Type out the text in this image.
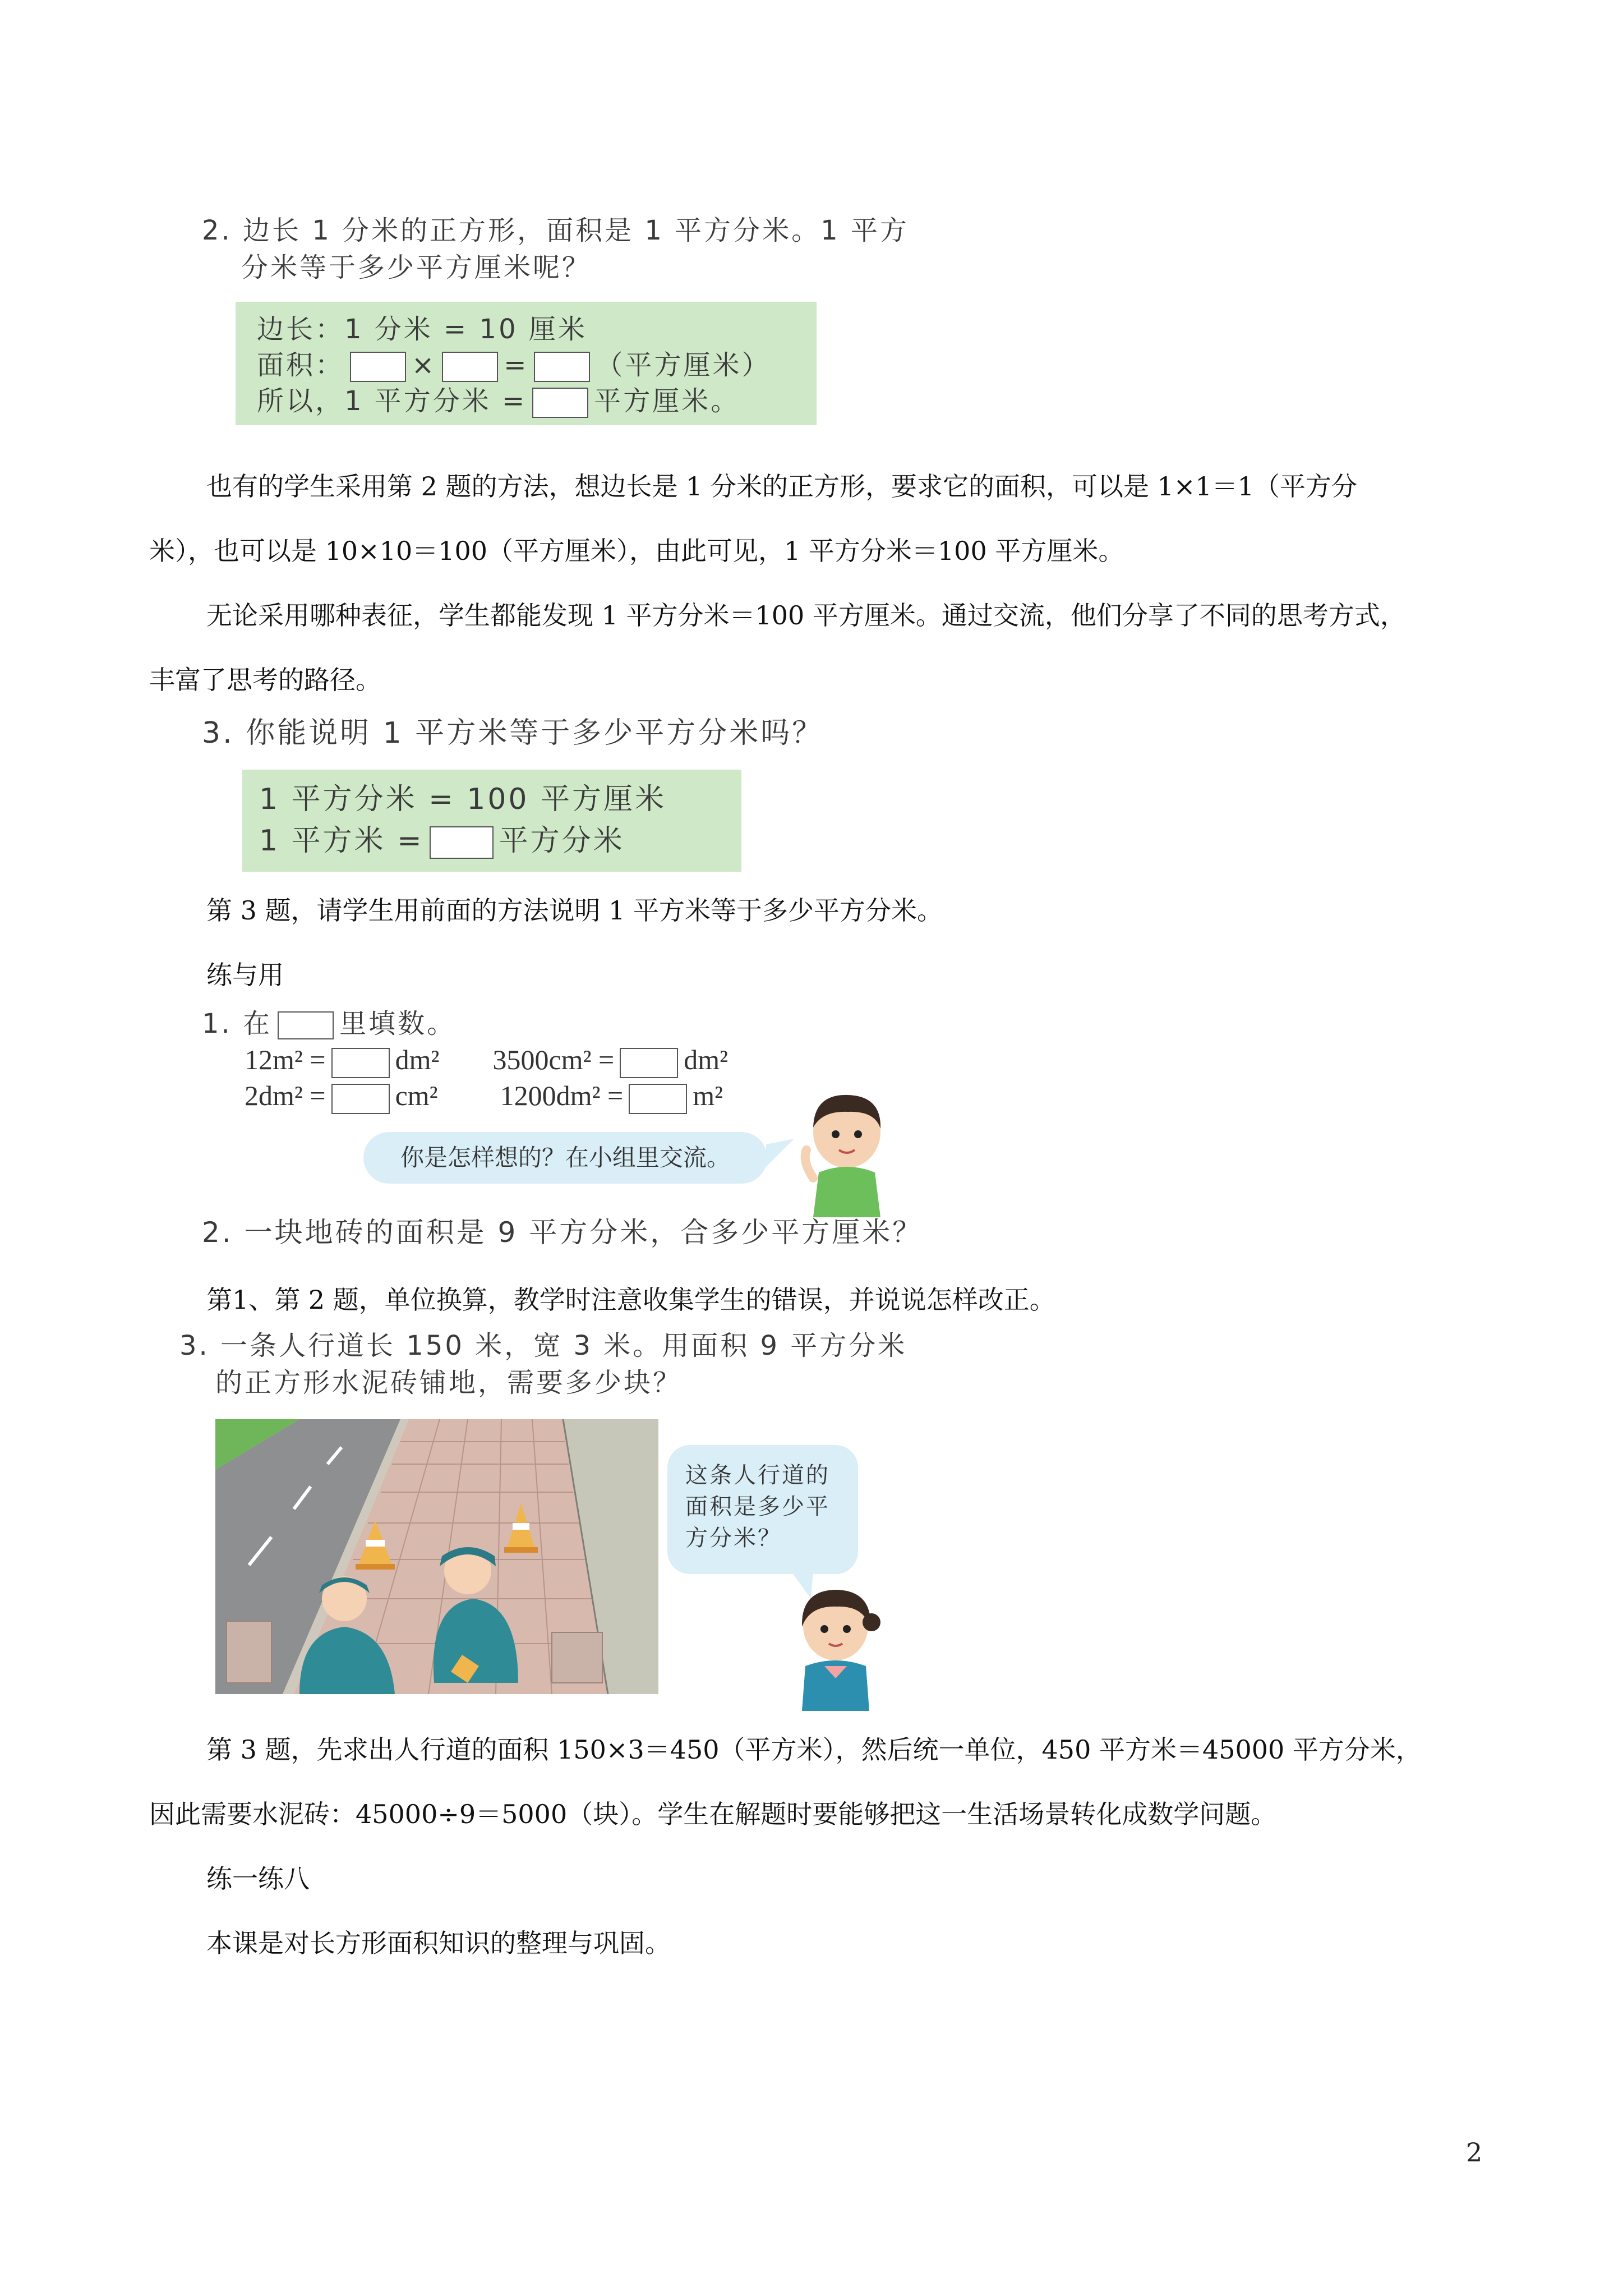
2. 边长 1 分米的正方形，面积是 1 平方分米。1 平方
分米等于多少平方厘米呢？
边长：1 分米 = 10 厘米
面积：	×	=	（平方厘米）
所以，1 平方分米 =	平方厘米。
也有的学生采用第 2 题的方法，想边长是 1 分米的正方形，要求它的面积，可以是 1×1＝1（平方分
米），也可以是 10×10＝100（平方厘米），由此可见，1 平方分米＝100 平方厘米。
无论采用哪种表征，学生都能发现 1 平方分米＝100 平方厘米。通过交流，他们分享了不同的思考方式，
丰富了思考的路径。
3. 你能说明 1 平方米等于多少平方分米吗？
1 平方分米 = 100 平方厘米
1 平方米 =	平方分米
第 3 题，请学生用前面的方法说明 1 平方米等于多少平方分米。
练与用
1. 在	里填数。
12m² = dm² 3500cm² = dm²
2dm² = cm² 1200dm² = m²
你是怎样想的？在小组里交流。
2. 一块地砖的面积是 9 平方分米，合多少平方厘米？
第1、第 2 题，单位换算，教学时注意收集学生的错误，并说说怎样改正。
3. 一条人行道长 150 米，宽 3 米。用面积 9 平方分米
的正方形水泥砖铺地，需要多少块？
这条人行道的
面积是多少平
方分米？
第 3 题，先求出人行道的面积 150×3＝450（平方米），然后统一单位，450 平方米＝45000 平方分米，
因此需要水泥砖：45000÷9＝5000（块）。学生在解题时要能够把这一生活场景转化成数学问题。
练一练八
本课是对长方形面积知识的整理与巩固。
2
